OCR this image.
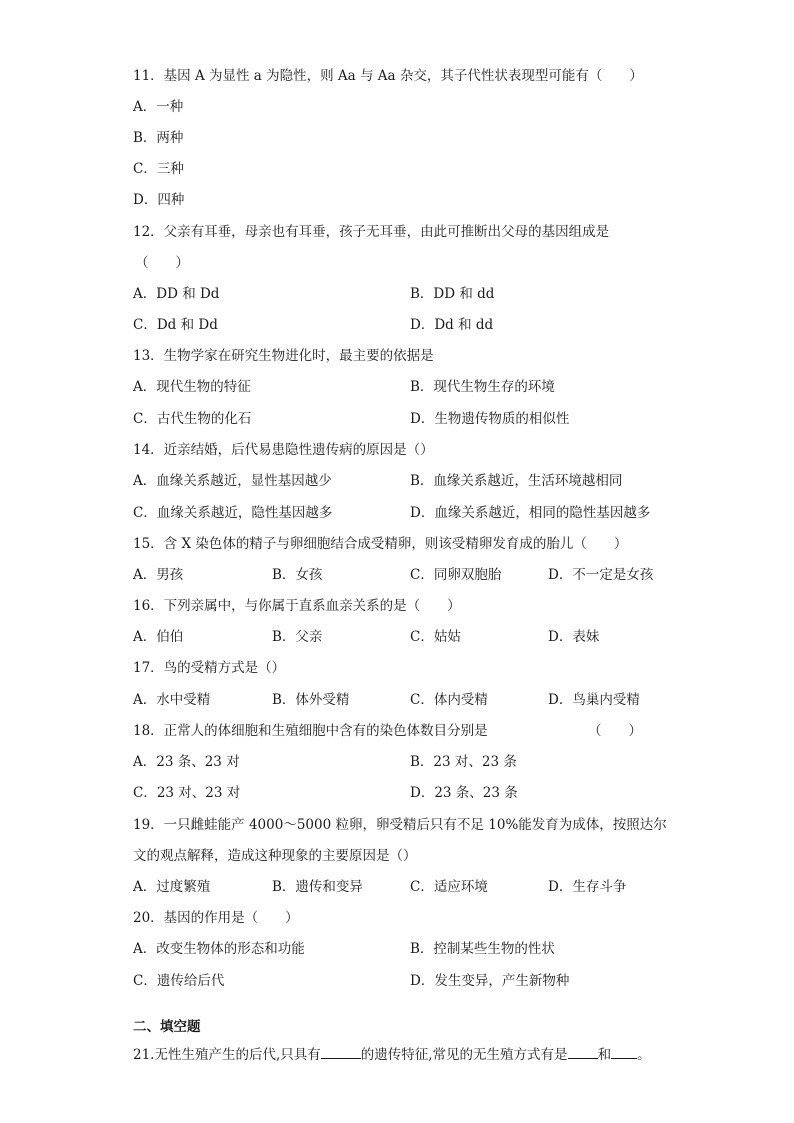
11．基因 A 为显性 a 为隐性，则 Aa 与 Aa 杂交，其子代性状表现型可能有（　　）
A．一种
B．两种
C．三种
D．四种
12．父亲有耳垂，母亲也有耳垂，孩子无耳垂，由此可推断出父母的基因组成是
（　　）
A．DD 和 Dd	B．DD 和 dd
C．Dd 和 Dd	D．Dd 和 dd
13．生物学家在研究生物进化时，最主要的依据是
A．现代生物的特征	B．现代生物生存的环境
C．古代生物的化石	D．生物遗传物质的相似性
14．近亲结婚，后代易患隐性遗传病的原因是（）
A．血缘关系越近，显性基因越少	B．血缘关系越近，生活环境越相同
C．血缘关系越近，隐性基因越多	D．血缘关系越近，相同的隐性基因越多
15．含 X 染色体的精子与卵细胞结合成受精卵，则该受精卵发育成的胎儿（　　）
A．男孩	B．女孩	C．同卵双胞胎	D．不一定是女孩
16．下列亲属中，与你属于直系血亲关系的是（　　）
A．伯伯	B．父亲	C．姑姑	D．表妹
17．鸟的受精方式是（）
A．水中受精	B．体外受精	C．体内受精	D．鸟巢内受精
18．正常人的体细胞和生殖细胞中含有的染色体数目分别是	（　　）
A．23 条、23 对	B．23 对、23 条
C．23 对、23 对	D．23 条、23 条
19．一只雌蛙能产 4000～5000 粒卵，卵受精后只有不足 10%能发育为成体，按照达尔
文的观点解释，造成这种现象的主要原因是（）
A．过度繁殖	B．遗传和变异	C．适应环境	D．生存斗争
20．基因的作用是（　　）
A．改变生物体的形态和功能	B．控制某些生物的性状
C．遗传给后代	D．发生变异，产生新物种
二、填空题
21.无性生殖产生的后代,只具有	的遗传特征,常见的无生殖方式有是 和 。
